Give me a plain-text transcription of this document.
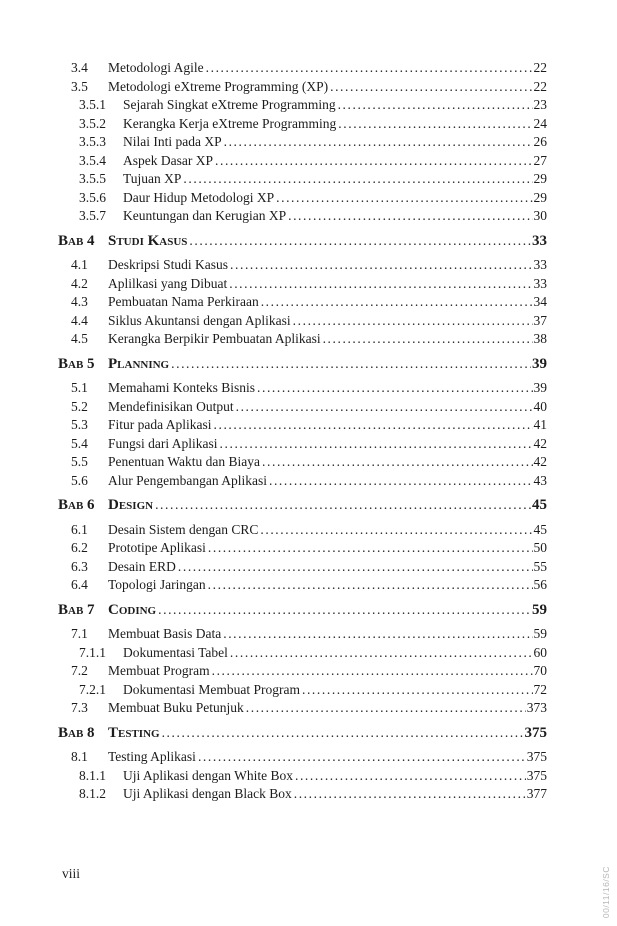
3.4	Metodologi Agile .....	22
3.5	Metodologi eXtreme Programming (XP) .....	22
3.5.1	Sejarah Singkat eXtreme Programming .....	23
3.5.2	Kerangka Kerja eXtreme Programming .....	24
3.5.3	Nilai Inti pada XP .....	26
3.5.4	Aspek Dasar XP .....	27
3.5.5	Tujuan XP .....	29
3.5.6	Daur Hidup Metodologi XP .....	29
3.5.7	Keuntungan dan Kerugian XP .....	30
Bab 4 Studi Kasus .....	33
4.1	Deskripsi Studi Kasus .....	33
4.2	Aplilkasi yang Dibuat .....	33
4.3	Pembuatan Nama Perkiraan .....	34
4.4	Siklus Akuntansi dengan Aplikasi .....	37
4.5	Kerangka Berpikir Pembuatan Aplikasi .....	38
Bab 5 Planning .....	39
5.1	Memahami Konteks Bisnis .....	39
5.2	Mendefinisikan Output .....	40
5.3	Fitur pada Aplikasi .....	41
5.4	Fungsi dari Aplikasi .....	42
5.5	Penentuan Waktu dan Biaya .....	42
5.6	Alur Pengembangan Aplikasi .....	43
Bab 6 Design .....	45
6.1	Desain Sistem dengan CRC .....	45
6.2	Prototipe Aplikasi .....	50
6.3	Desain ERD .....	55
6.4	Topologi Jaringan .....	56
Bab 7 Coding .....	59
7.1	Membuat Basis Data .....	59
7.1.1	Dokumentasi Tabel .....	60
7.2	Membuat Program .....	70
7.2.1	Dokumentasi Membuat Program .....	72
7.3	Membuat Buku Petunjuk .....	373
Bab 8 Testing .....	375
8.1	Testing Aplikasi .....	375
8.1.1	Uji Aplikasi dengan White Box .....	375
8.1.2	Uji Aplikasi dengan Black Box .....	377
viii	00/11/16/SC
